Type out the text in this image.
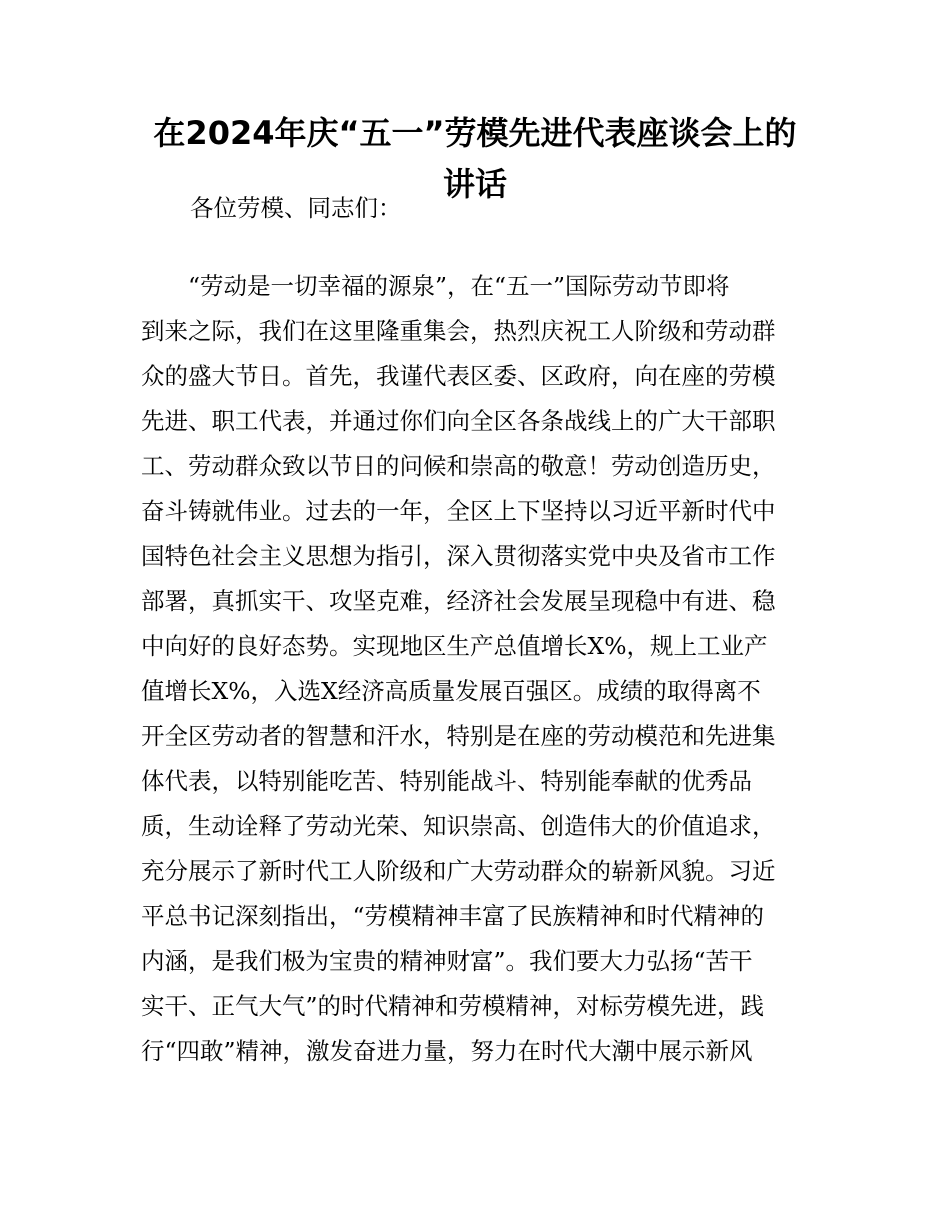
在2024年庆“五一”劳模先进代表座谈会上的
讲话

各位劳模、同志们：

“劳动是一切幸福的源泉”，在“五一”国际劳动节即将
到来之际，我们在这里隆重集会，热烈庆祝工人阶级和劳动群
众的盛大节日。首先，我谨代表区委、区政府，向在座的劳模
先进、职工代表，并通过你们向全区各条战线上的广大干部职
工、劳动群众致以节日的问候和崇高的敬意！劳动创造历史，
奋斗铸就伟业。过去的一年，全区上下坚持以习近平新时代中
国特色社会主义思想为指引，深入贯彻落实党中央及省市工作
部署，真抓实干、攻坚克难，经济社会发展呈现稳中有进、稳
中向好的良好态势。实现地区生产总值增长X%，规上工业产
值增长X%，入选X经济高质量发展百强区。成绩的取得离不
开全区劳动者的智慧和汗水，特别是在座的劳动模范和先进集
体代表，以特别能吃苦、特别能战斗、特别能奉献的优秀品
质，生动诠释了劳动光荣、知识崇高、创造伟大的价值追求，
充分展示了新时代工人阶级和广大劳动群众的崭新风貌。习近
平总书记深刻指出，“劳模精神丰富了民族精神和时代精神的
内涵，是我们极为宝贵的精神财富”。我们要大力弘扬“苦干
实干、正气大气”的时代精神和劳模精神，对标劳模先进，践
行“四敢”精神，激发奋进力量，努力在时代大潮中展示新风
